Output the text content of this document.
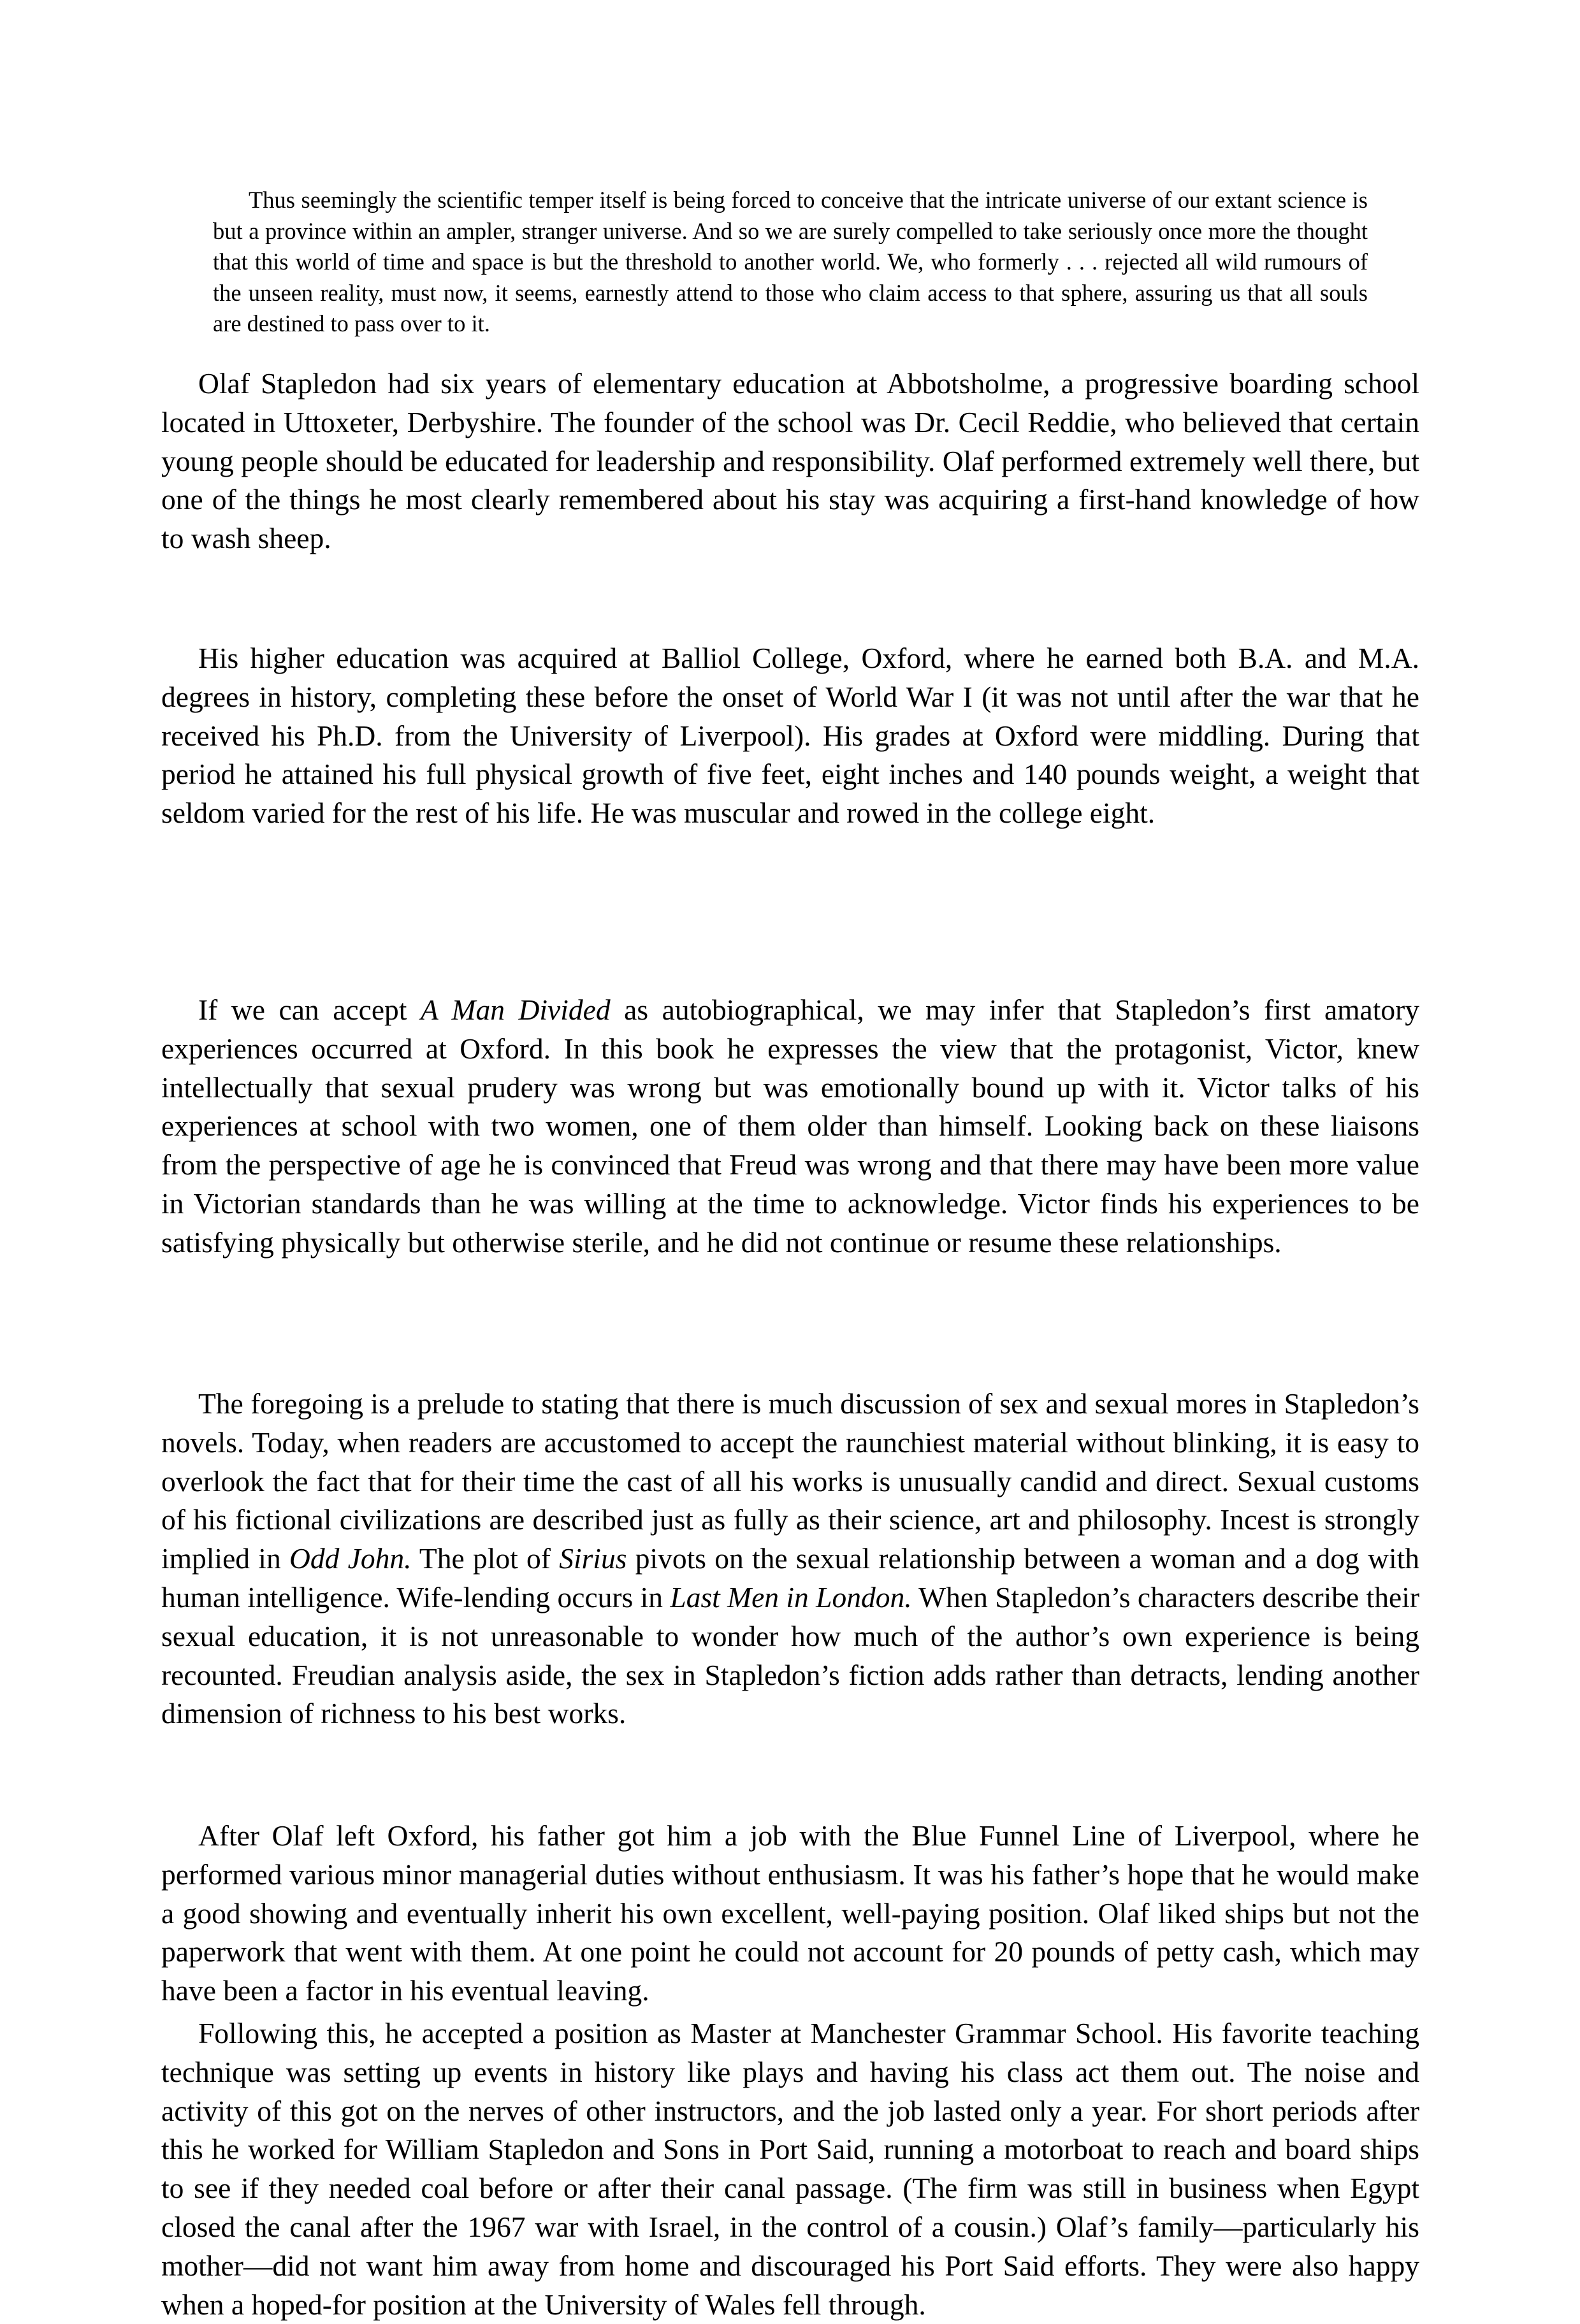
Thus seemingly the scientific temper itself is being forced to conceive that the intricate universe of our extant science is but a province within an ampler, stranger universe. And so we are surely compelled to take seriously once more the thought that this world of time and space is but the threshold to another world. We, who formerly . . . rejected all wild rumours of the unseen reality, must now, it seems, earnestly attend to those who claim access to that sphere, assuring us that all souls are destined to pass over to it.

Olaf Stapledon had six years of elementary education at Abbotsholme, a progressive boarding school located in Uttoxeter, Derbyshire. The founder of the school was Dr. Cecil Reddie, who believed that certain young people should be educated for leadership and responsibility. Olaf performed extremely well there, but one of the things he most clearly remembered about his stay was acquiring a first-hand knowledge of how to wash sheep.

His higher education was acquired at Balliol College, Oxford, where he earned both B.A. and M.A. degrees in history, completing these before the onset of World War I (it was not until after the war that he received his Ph.D. from the University of Liverpool). His grades at Oxford were middling. During that period he attained his full physical growth of five feet, eight inches and 140 pounds weight, a weight that seldom varied for the rest of his life. He was muscular and rowed in the college eight.

If we can accept A Man Divided as autobiographical, we may infer that Stapledon’s first amatory experiences occurred at Oxford. In this book he expresses the view that the protagonist, Victor, knew intellectually that sexual prudery was wrong but was emotionally bound up with it. Victor talks of his experiences at school with two women, one of them older than himself. Looking back on these liaisons from the perspective of age he is convinced that Freud was wrong and that there may have been more value in Victorian standards than he was willing at the time to acknowledge. Victor finds his experiences to be satisfying physically but otherwise sterile, and he did not continue or resume these relationships.

The foregoing is a prelude to stating that there is much discussion of sex and sexual mores in Stapledon’s novels. Today, when readers are accustomed to accept the raunchiest material without blinking, it is easy to overlook the fact that for their time the cast of all his works is unusually candid and direct. Sexual customs of his fictional civilizations are described just as fully as their science, art and philosophy. Incest is strongly implied in Odd John. The plot of Sirius pivots on the sexual relationship between a woman and a dog with human intelligence. Wife-lending occurs in Last Men in London. When Stapledon’s characters describe their sexual education, it is not unreasonable to wonder how much of the author’s own experience is being recounted. Freudian analysis aside, the sex in Stapledon’s fiction adds rather than detracts, lending another dimension of richness to his best works.

After Olaf left Oxford, his father got him a job with the Blue Funnel Line of Liverpool, where he performed various minor managerial duties without enthusiasm. It was his father’s hope that he would make a good showing and eventually inherit his own excellent, well-paying position. Olaf liked ships but not the paperwork that went with them. At one point he could not account for 20 pounds of petty cash, which may have been a factor in his eventual leaving.

Following this, he accepted a position as Master at Manchester Grammar School. His favorite teaching technique was setting up events in history like plays and having his class act them out. The noise and activity of this got on the nerves of other instructors, and the job lasted only a year. For short periods after this he worked for William Stapledon and Sons in Port Said, running a motorboat to reach and board ships to see if they needed coal before or after their canal passage. (The firm was still in business when Egypt closed the canal after the 1967 war with Israel, in the control of a cousin.) Olaf’s family—particularly his mother—did not want him away from home and discouraged his Port Said efforts. They were also happy when a hoped-for position at the University of Wales fell through.
